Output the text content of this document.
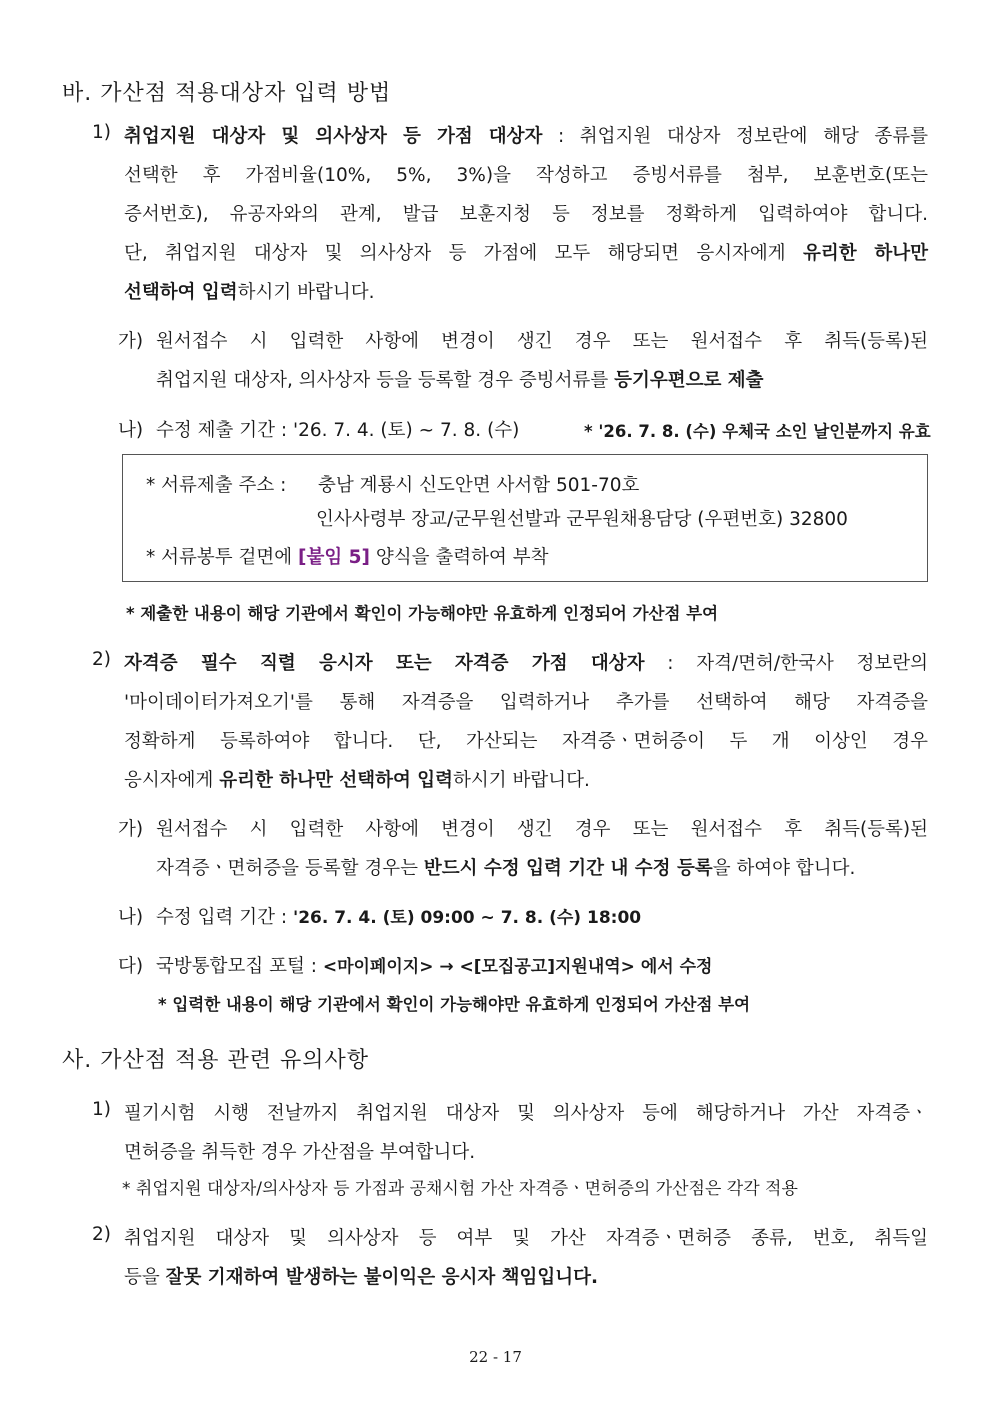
바. 가산점 적용대상자 입력 방법
1) 취업지원 대상자 및 의사상자 등 가점 대상자 : 취업지원 대상자 정보란에 해당 종류를
선택한 후 가점비율(10%, 5%, 3%)을 작성하고 증빙서류를 첨부, 보훈번호(또는
증서번호), 유공자와의 관계, 발급 보훈지청 등 정보를 정확하게 입력하여야 합니다.
단, 취업지원 대상자 및 의사상자 등 가점에 모두 해당되면 응시자에게 유리한 하나만
선택하여 입력하시기 바랍니다.
가) 원서접수 시 입력한 사항에 변경이 생긴 경우 또는 원서접수 후 취득(등록)된
취업지원 대상자, 의사상자 등을 등록할 경우 증빙서류를 등기우편으로 제출
나) 수정 제출 기간 : '26. 7. 4. (토) ~ 7. 8. (수)	* '26. 7. 8. (수) 우체국 소인 날인분까지 유효
* 서류제출 주소 : 충남 계룡시 신도안면 사서함 501-70호
인사사령부 장교/군무원선발과 군무원채용담당 (우편번호) 32800
* 서류봉투 겉면에 [붙임 5] 양식을 출력하여 부착
* 제출한 내용이 해당 기관에서 확인이 가능해야만 유효하게 인정되어 가산점 부여
2) 자격증 필수 직렬 응시자 또는 자격증 가점 대상자 : 자격/면허/한국사 정보란의
'마이데이터가져오기'를 통해 자격증을 입력하거나 추가를 선택하여 해당 자격증을
정확하게 등록하여야 합니다. 단, 가산되는 자격증ㆍ면허증이 두 개 이상인 경우
응시자에게 유리한 하나만 선택하여 입력하시기 바랍니다.
가) 원서접수 시 입력한 사항에 변경이 생긴 경우 또는 원서접수 후 취득(등록)된
자격증ㆍ면허증을 등록할 경우는 반드시 수정 입력 기간 내 수정 등록을 하여야 합니다.
나) 수정 입력 기간 : '26. 7. 4. (토) 09:00 ~ 7. 8. (수) 18:00
다) 국방통합모집 포털 : <마이페이지> → <[모집공고]지원내역> 에서 수정
* 입력한 내용이 해당 기관에서 확인이 가능해야만 유효하게 인정되어 가산점 부여
사. 가산점 적용 관련 유의사항
1) 필기시험 시행 전날까지 취업지원 대상자 및 의사상자 등에 해당하거나 가산 자격증ㆍ
면허증을 취득한 경우 가산점을 부여합니다.
* 취업지원 대상자/의사상자 등 가점과 공채시험 가산 자격증ㆍ면허증의 가산점은 각각 적용
2) 취업지원 대상자 및 의사상자 등 여부 및 가산 자격증ㆍ면허증 종류, 번호, 취득일
등을 잘못 기재하여 발생하는 불이익은 응시자 책임입니다.
22 - 17
